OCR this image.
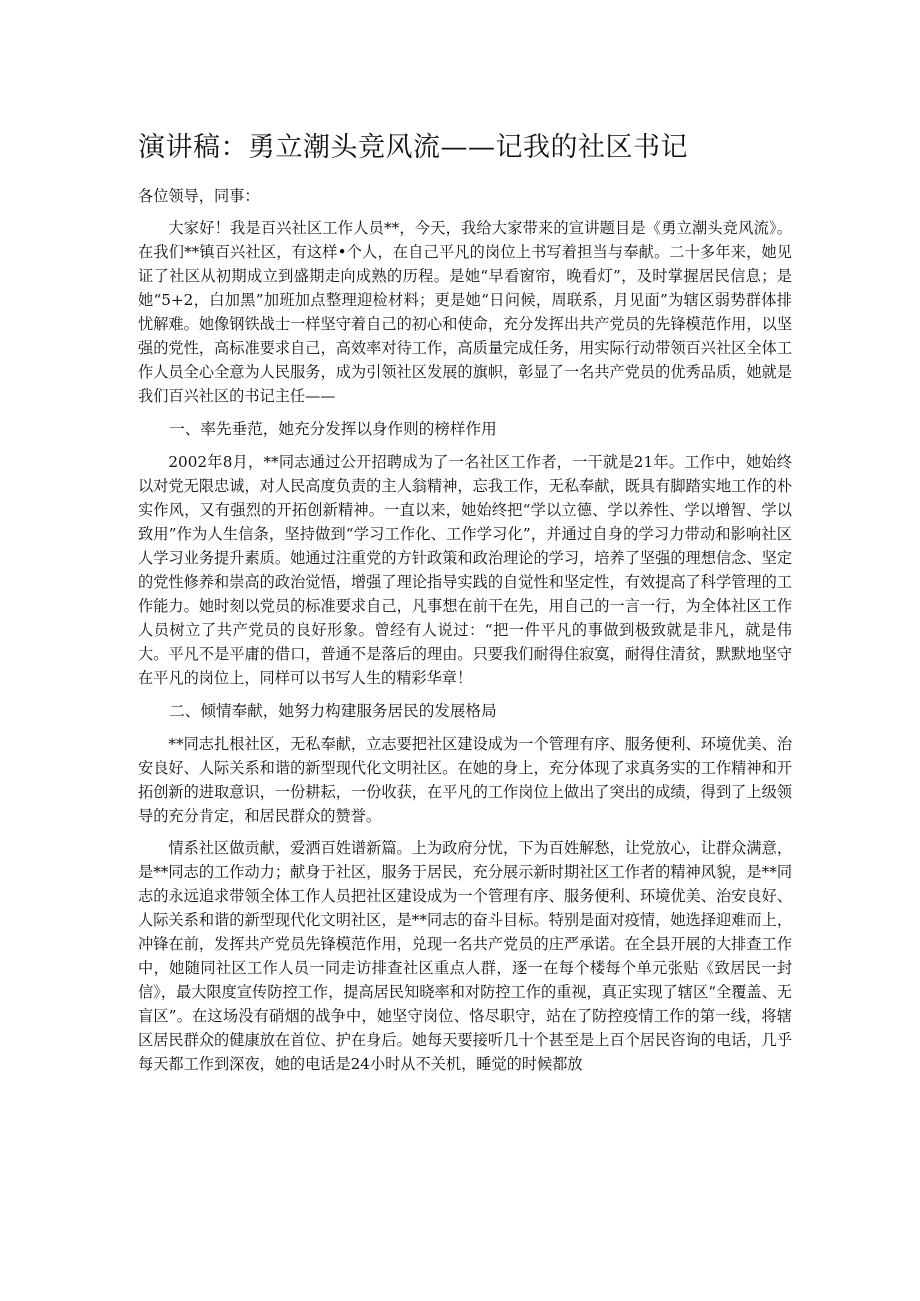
演讲稿：勇立潮头竞风流——记我的社区书记

各位领导，同事：

大家好！我是百兴社区工作人员**，今天，我给大家带来的宣讲题目是《勇立潮头竞风流》。在我们**镇百兴社区，有这样•个人，在自己平凡的岗位上书写着担当与奉献。二十多年来，她见证了社区从初期成立到盛期走向成熟的历程。是她“早看窗帘，晚看灯”，及时掌握居民信息；是她“5+2，白加黑”加班加点整理迎检材料；更是她“日问候，周联系，月见面”为辖区弱势群体排忧解难。她像钢铁战士一样坚守着自己的初心和使命，充分发挥出共产党员的先锋模范作用，以坚强的党性，高标准要求自己，高效率对待工作，高质量完成任务，用实际行动带领百兴社区全体工作人员全心全意为人民服务，成为引领社区发展的旗帜，彰显了一名共产党员的优秀品质，她就是我们百兴社区的书记主任——

一、率先垂范，她充分发挥以身作则的榜样作用

2002年8月，**同志通过公开招聘成为了一名社区工作者，一干就是21年。工作中，她始终以对党无限忠诚，对人民高度负责的主人翁精神，忘我工作，无私奉献，既具有脚踏实地工作的朴实作风，又有强烈的开拓创新精神。一直以来，她始终把“学以立德、学以养性、学以增智、学以致用”作为人生信条，坚持做到“学习工作化、工作学习化”，并通过自身的学习力带动和影响社区人学习业务提升素质。她通过注重党的方针政策和政治理论的学习，培养了坚强的理想信念、坚定的党性修养和崇高的政治觉悟，增强了理论指导实践的自觉性和坚定性，有效提高了科学管理的工作能力。她时刻以党员的标准要求自己，凡事想在前干在先，用自己的一言一行，为全体社区工作人员树立了共产党员的良好形象。曾经有人说过：“把一件平凡的事做到极致就是非凡，就是伟大。平凡不是平庸的借口，普通不是落后的理由。只要我们耐得住寂寞，耐得住清贫，默默地坚守在平凡的岗位上，同样可以书写人生的精彩华章！

二、倾情奉献，她努力构建服务居民的发展格局

**同志扎根社区，无私奉献，立志要把社区建设成为一个管理有序、服务便利、环境优美、治安良好、人际关系和谐的新型现代化文明社区。在她的身上，充分体现了求真务实的工作精神和开拓创新的进取意识，一份耕耘，一份收获，在平凡的工作岗位上做出了突出的成绩，得到了上级领导的充分肯定，和居民群众的赞誉。

情系社区做贡献，爱洒百姓谱新篇。上为政府分忧，下为百姓解愁，让党放心，让群众满意，是**同志的工作动力；献身于社区，服务于居民，充分展示新时期社区工作者的精神风貌，是**同志的永远追求带领全体工作人员把社区建设成为一个管理有序、服务便利、环境优美、治安良好、人际关系和谐的新型现代化文明社区，是**同志的奋斗目标。特别是面对疫情，她选择迎难而上，冲锋在前，发挥共产党员先锋模范作用，兑现一名共产党员的庄严承诺。在全县开展的大排查工作中，她随同社区工作人员一同走访排查社区重点人群，逐一在每个楼每个单元张贴《致居民一封信》，最大限度宣传防控工作，提高居民知晓率和对防控工作的重视，真正实现了辖区“全覆盖、无盲区”。在这场没有硝烟的战争中，她坚守岗位、恪尽职守，站在了防控疫情工作的第一线，将辖区居民群众的健康放在首位、护在身后。她每天要接听几十个甚至是上百个居民咨询的电话，几乎每天都工作到深夜，她的电话是24小时从不关机，睡觉的时候都放
